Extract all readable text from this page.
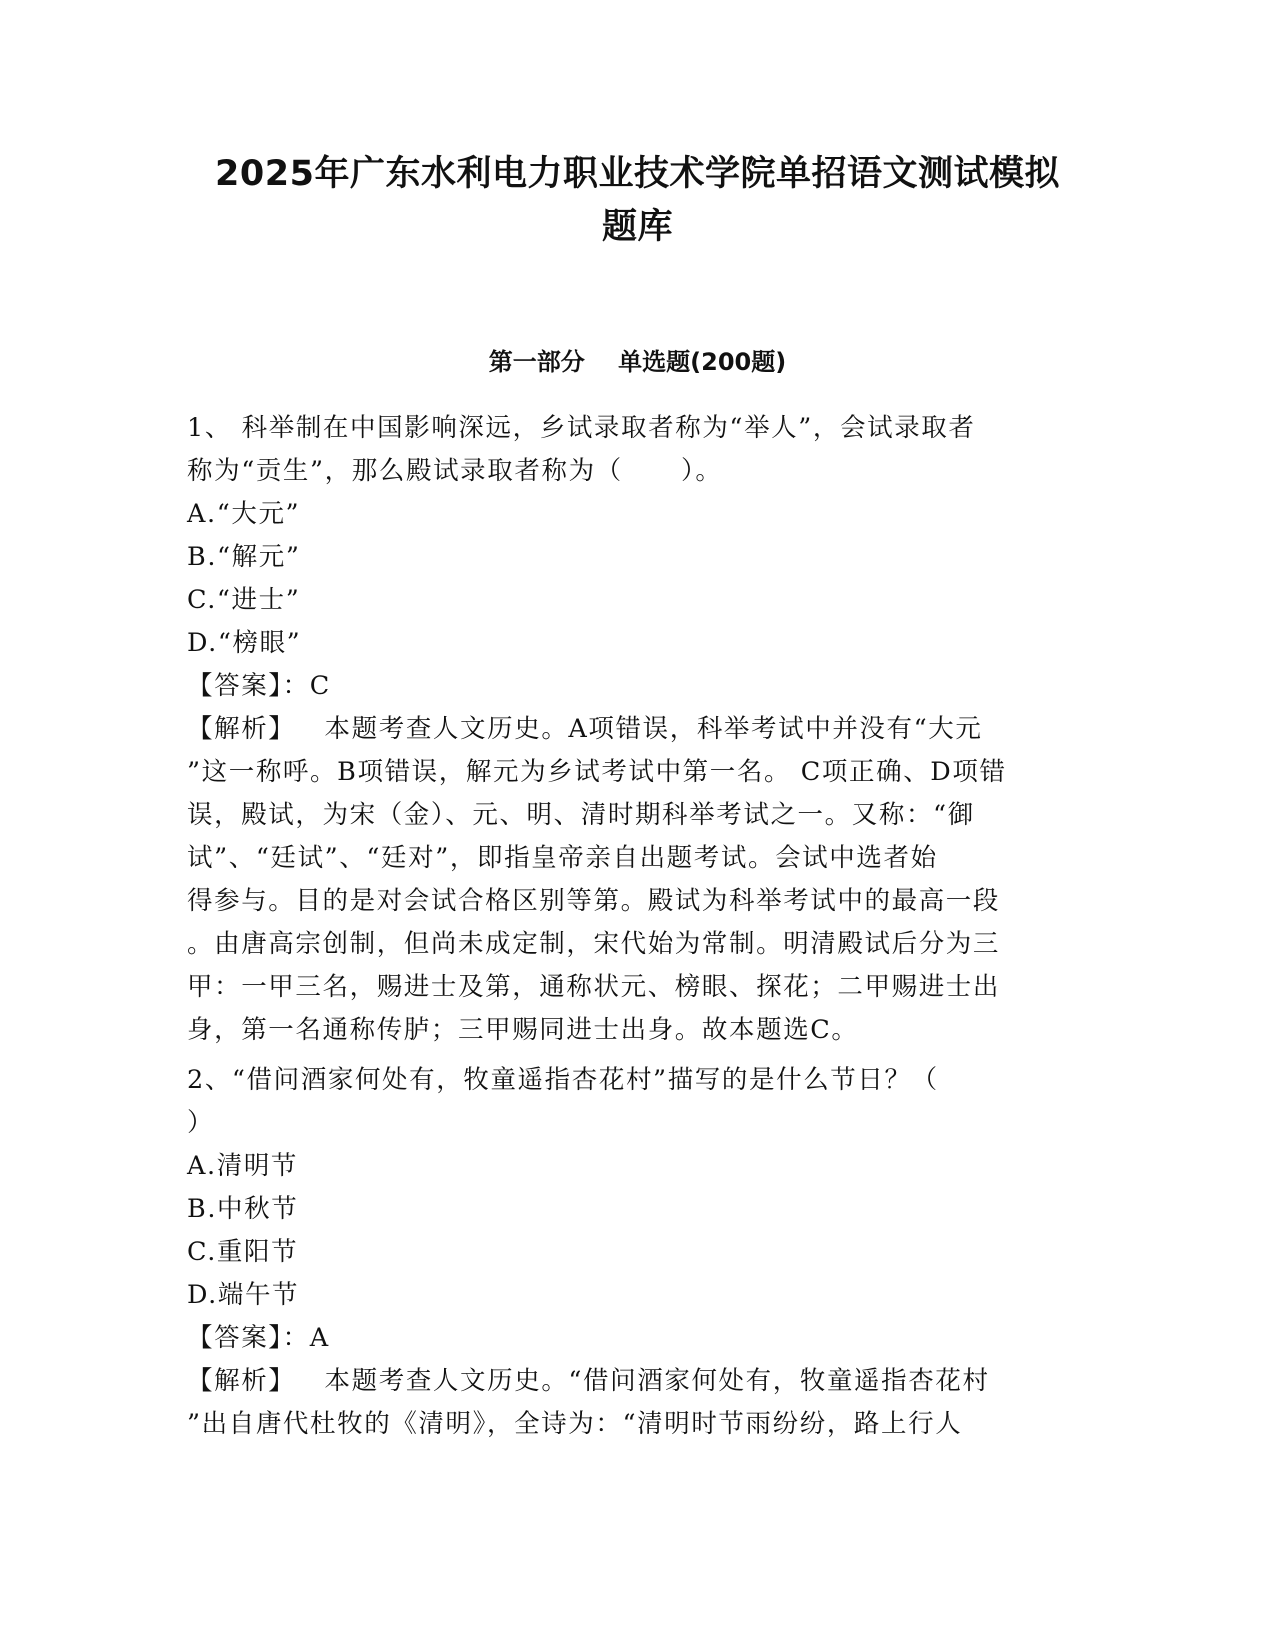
2025年广东水利电力职业技术学院单招语文测试模拟
题库
第一部分    单选题(200题)
1、 科举制在中国影响深远，乡试录取者称为“举人”，会试录取者
称为“贡生”，那么殿试录取者称为（      ）。
A.“大元”
B.“解元”
C.“进士”
D.“榜眼”
【答案】：C
【解析】   本题考查人文历史。A项错误，科举考试中并没有“大元
”这一称呼。B项错误，解元为乡试考试中第一名。 C项正确、D项错
误，殿试，为宋（金）、元、明、清时期科举考试之一。又称：“御
试”、“廷试”、“廷对”，即指皇帝亲自出题考试。会试中选者始
得参与。目的是对会试合格区别等第。殿试为科举考试中的最高一段
。由唐高宗创制，但尚未成定制，宋代始为常制。明清殿试后分为三
甲：一甲三名，赐进士及第，通称状元、榜眼、探花；二甲赐进士出
身，第一名通称传胪；三甲赐同进士出身。故本题选C。
2、“借问酒家何处有，牧童遥指杏花村”描写的是什么节日？（
）
A.清明节
B.中秋节
C.重阳节
D.端午节
【答案】：A
【解析】   本题考查人文历史。“借问酒家何处有，牧童遥指杏花村
”出自唐代杜牧的《清明》，全诗为：“清明时节雨纷纷，路上行人
